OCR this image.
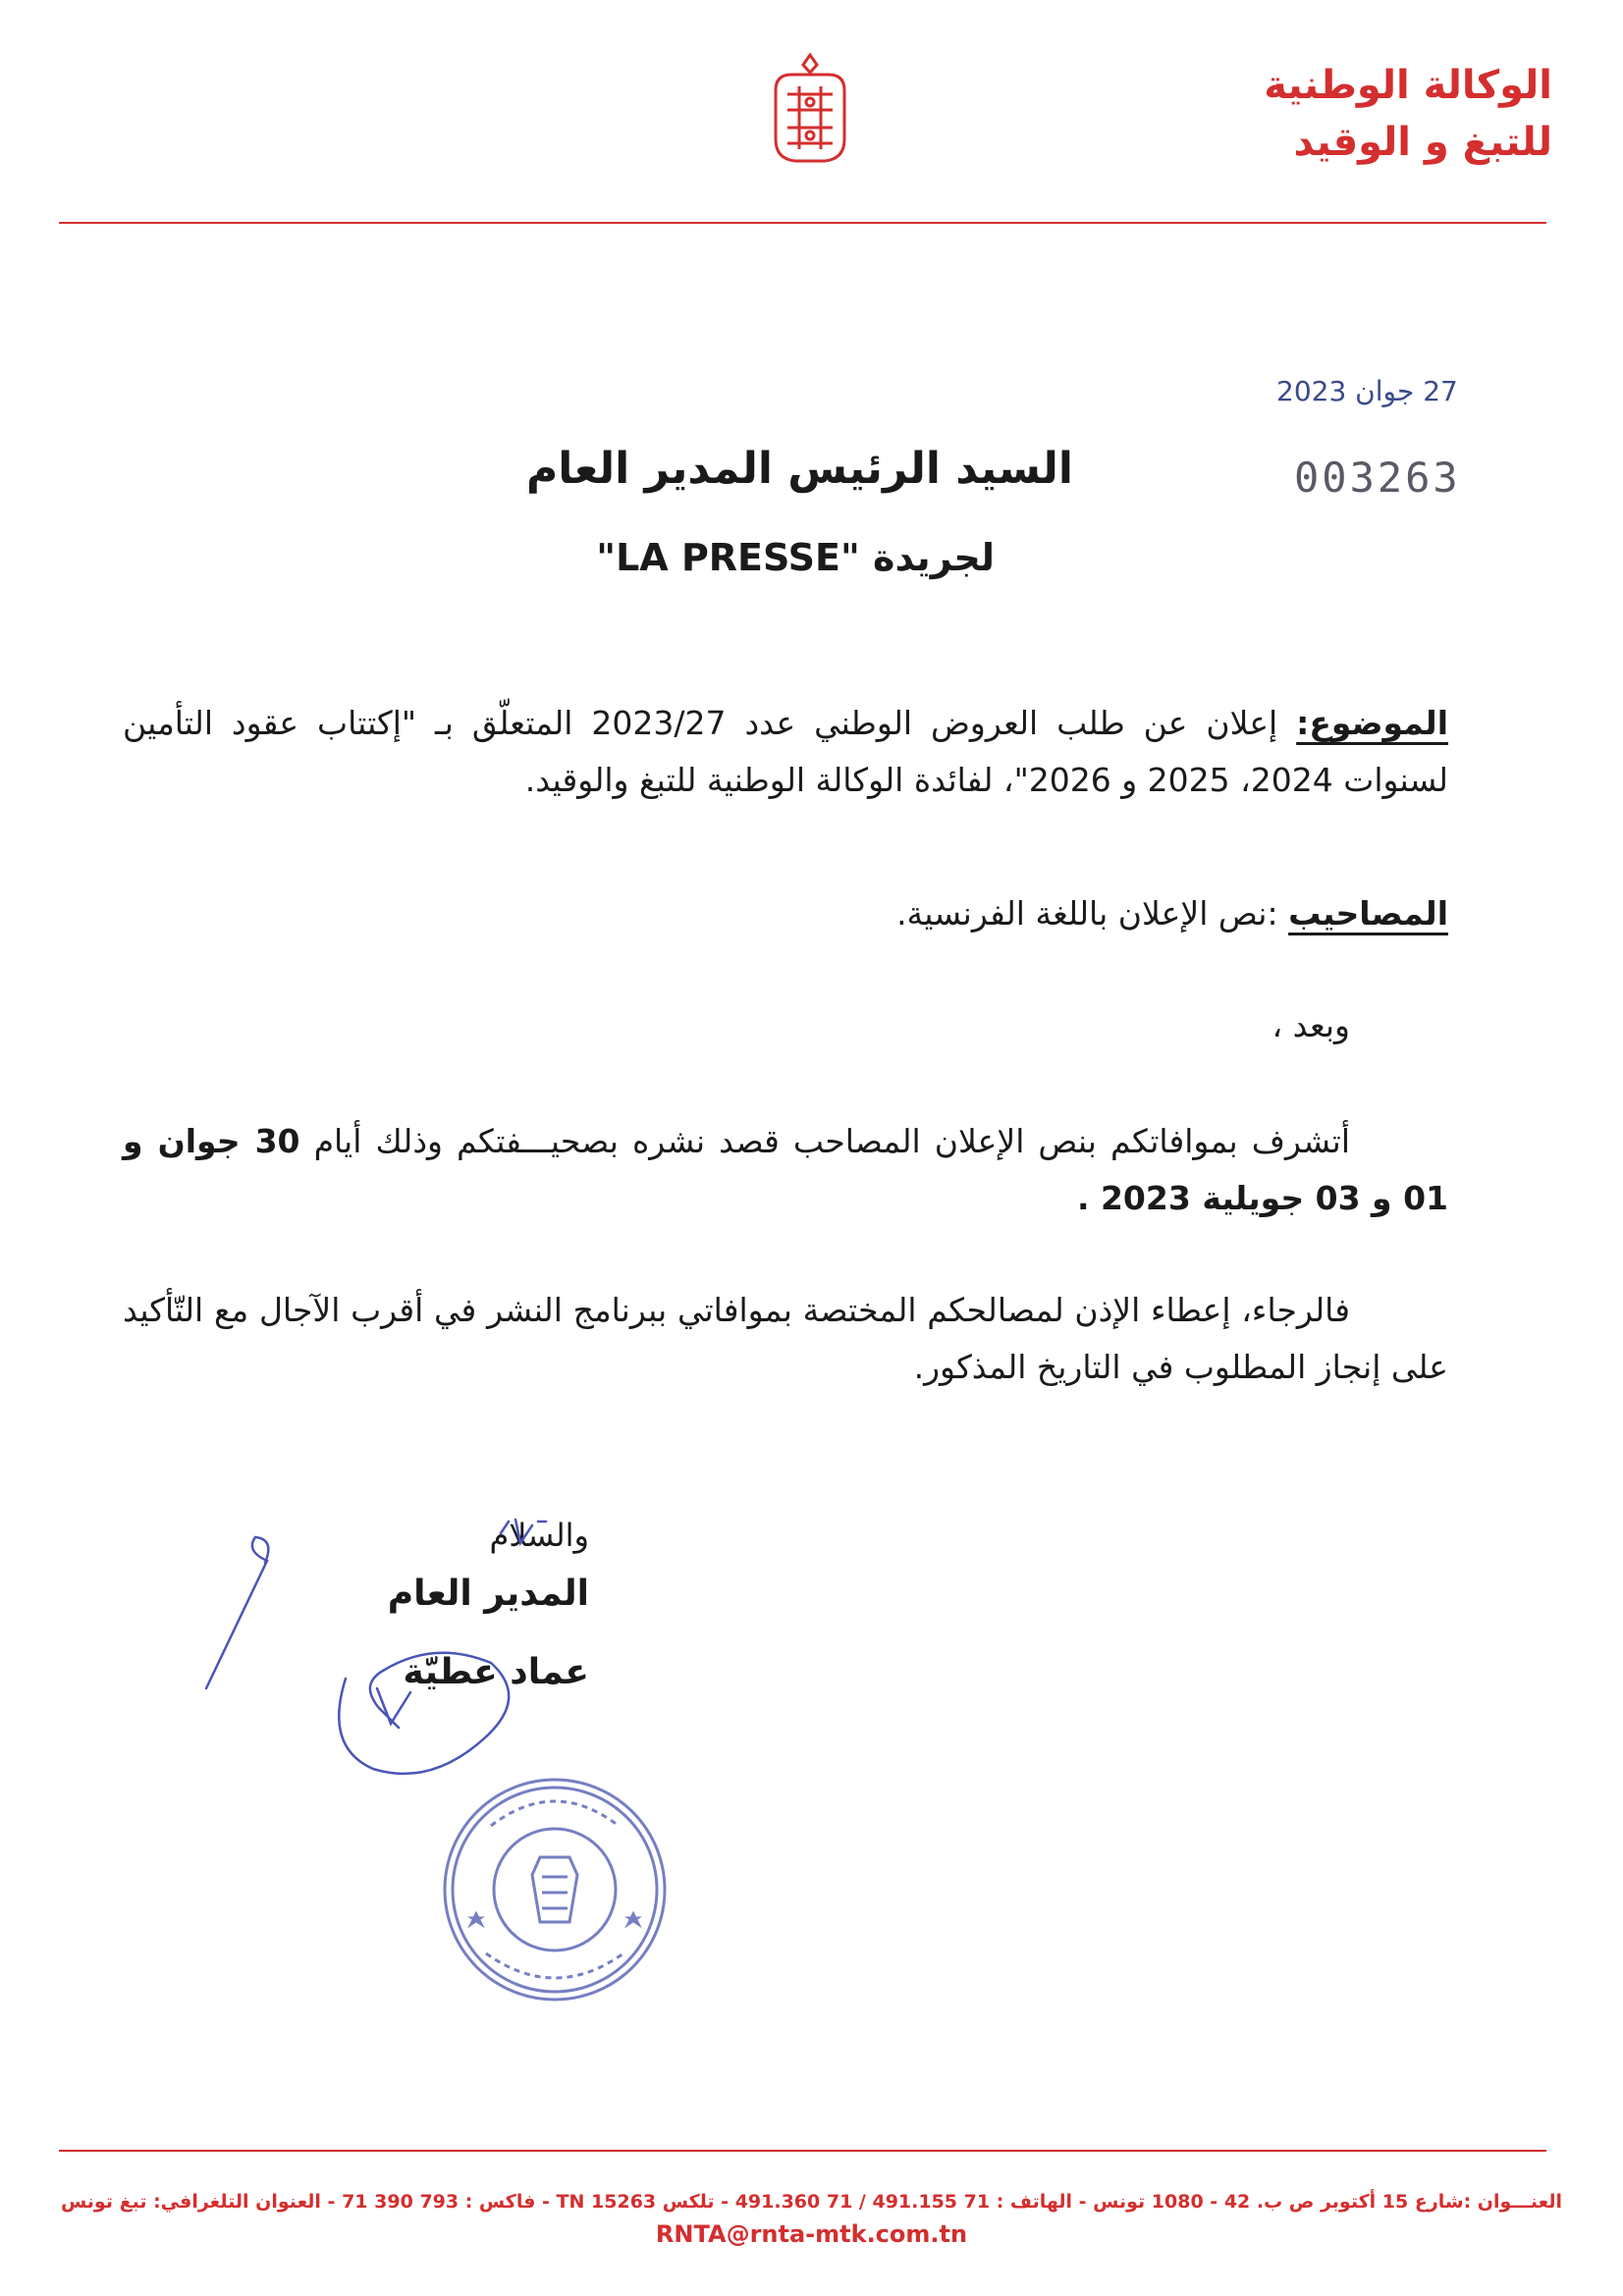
الوكالة الوطنية
للتبغ و الوقيد
27 جوان 2023
003263
السيد الرئيس المدير العام
لجريدة "LA PRESSE"
الموضوع: إعلان عن طلب العروض الوطني عدد 2023/27 المتعلّق بـ "إكتتاب عقود التأمين لسنوات 2024، 2025 و 2026"، لفائدة الوكالة الوطنية للتبغ والوقيد.
المصاحيب :نص الإعلان باللغة الفرنسية.
وبعد ،
أتشرف بموافاتكم بنص الإعلان المصاحب قصد نشره بصحيـــفتكم وذلك أيام 30 جوان و 01 و 03 جويلية 2023 .
فالرجاء، إعطاء الإذن لمصالحكم المختصة بموافاتي ببرنامج النشر في أقرب الآجال مع التّأكيد على إنجاز المطلوب في التاريخ المذكور.
والسلام
المدير العام
عماد عطيّة
العنـــوان :شارع 15 أكتوبر ص ب. 42 - 1080 تونس - الهاتف : 71 491.155 / 71 491.360 - تلكس 15263 TN - فاكس : 793 390 71 - العنوان التلغرافي: تبغ تونس
RNTA@rnta-mtk.com.tn
